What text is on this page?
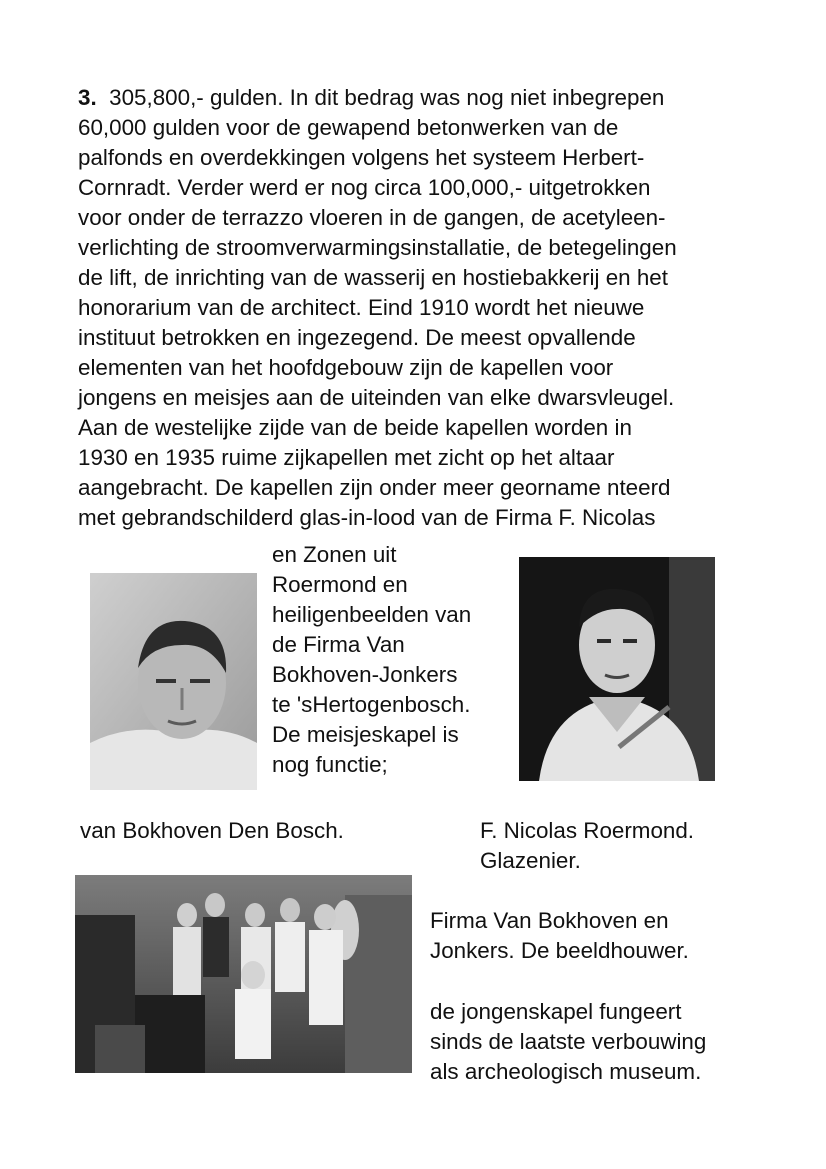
3. 305,800,- gulden. In dit bedrag was nog niet inbegrepen
60,000 gulden voor de gewapend betonwerken van de
palfonds en overdekkingen volgens het systeem Herbert-
Cornradt. Verder werd er nog circa 100,000,- uitgetrokken
voor onder de terrazzo vloeren in de gangen, de acetyleen-
verlichting de stroomverwarmingsinstallatie, de betegelingen
de lift, de inrichting van de wasserij en hostiebakkerij en het
honorarium van de architect. Eind 1910 wordt het nieuwe
instituut betrokken en ingezegend. De meest opvallende
elementen van het hoofdgebouw zijn de kapellen voor
jongens en meisjes aan de uiteinden van elke dwarsvleugel.
Aan de westelijke zijde van de beide kapellen worden in
1930 en 1935 ruime zijkapellen met zicht op het altaar
aangebracht. De kapellen zijn onder meer georname nteerd
met gebrandschilderd glas-in-lood van de Firma F. Nicolas
en Zonen uit
Roermond en
heiligenbeelden van
de Firma Van
Bokhoven-Jonkers
te 'sHertogenbosch.
De meisjeskapel is
nog functie;
van Bokhoven Den Bosch.	F. Nicolas Roermond.
Glazenier.
Firma Van Bokhoven en
Jonkers. De beeldhouwer.
de jongenskapel fungeert
sinds de laatste verbouwing
als archeologisch museum.
